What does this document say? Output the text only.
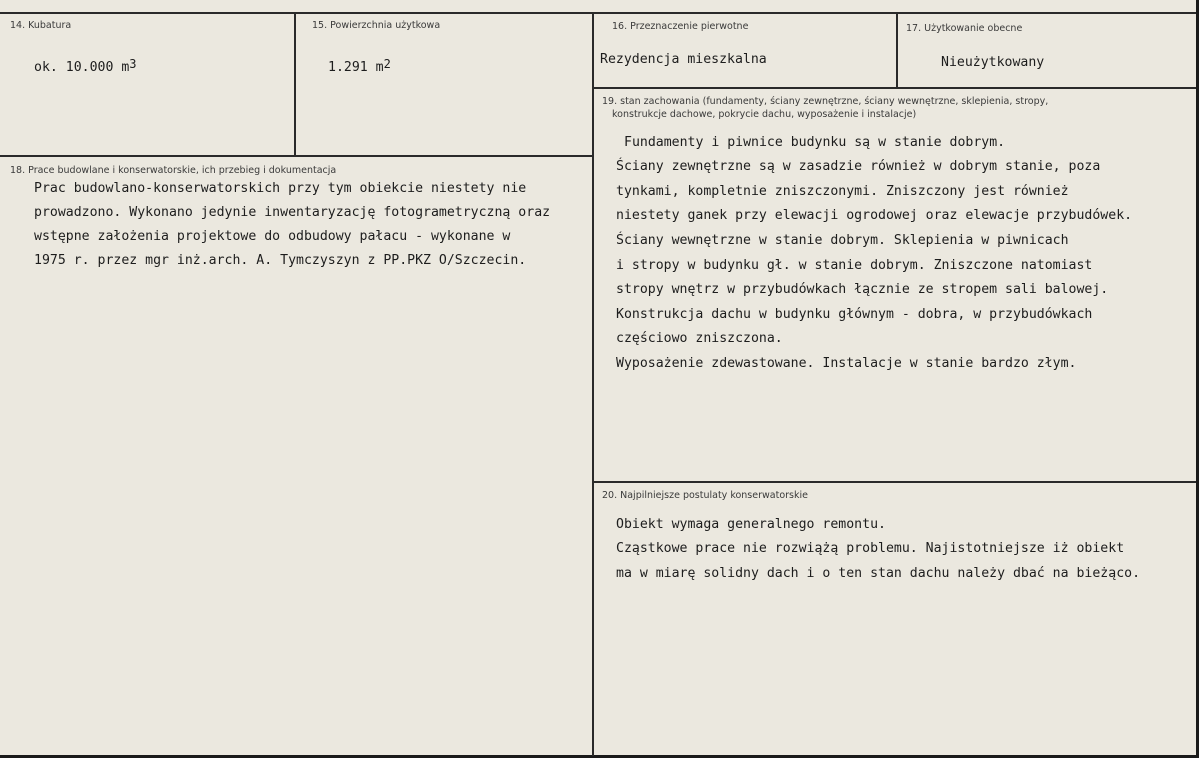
14. Kubatura
ok. 10.000 $m^3$
15. Powierzchnia użytkowa
1.291 $m^2$
16. Przeznaczenie pierwotne
Rezydencja mieszkalna
17. Użytkowanie obecne
Nieużytkowany
18. Prace budowlane i konserwatorskie, ich przebieg i dokumentacja
Prac budowlano-konserwatorskich przy tym obiekcie niestety nie
prowadzono. Wykonano jedynie inwentaryzację fotogrametryczną oraz
wstępne założenia projektowe do odbudowy pałacu - wykonane w
1975 r. przez mgr inż.arch. A. Tymczyszyn z PP.PKZ O/Szczecin.
19. stan zachowania (fundamenty, ściany zewnętrzne, ściany wewnętrzne, sklepienia, stropy,
konstrukcje dachowe, pokrycie dachu, wyposażenie i instalacje)
Fundamenty i piwnice budynku są w stanie dobrym.
Ściany zewnętrzne są w zasadzie również w dobrym stanie, poza
tynkami, kompletnie zniszczonymi. Zniszczony jest również
niestety ganek przy elewacji ogrodowej oraz elewacje przybudówek.
Ściany wewnętrzne w stanie dobrym. Sklepienia w piwnicach
i stropy w budynku gł. w stanie dobrym. Zniszczone natomiast
stropy wnętrz w przybudówkach łącznie ze stropem sali balowej.
Konstrukcja dachu w budynku głównym - dobra, w przybudówkach
częściowo zniszczona.
Wyposażenie zdewastowane. Instalacje w stanie bardzo złym.
20. Najpilniejsze postulaty konserwatorskie
Obiekt wymaga generalnego remontu.
Cząstkowe prace nie rozwiążą problemu. Najistotniejsze iż obiekt
ma w miarę solidny dach i o ten stan dachu należy dbać na bieżąco.
